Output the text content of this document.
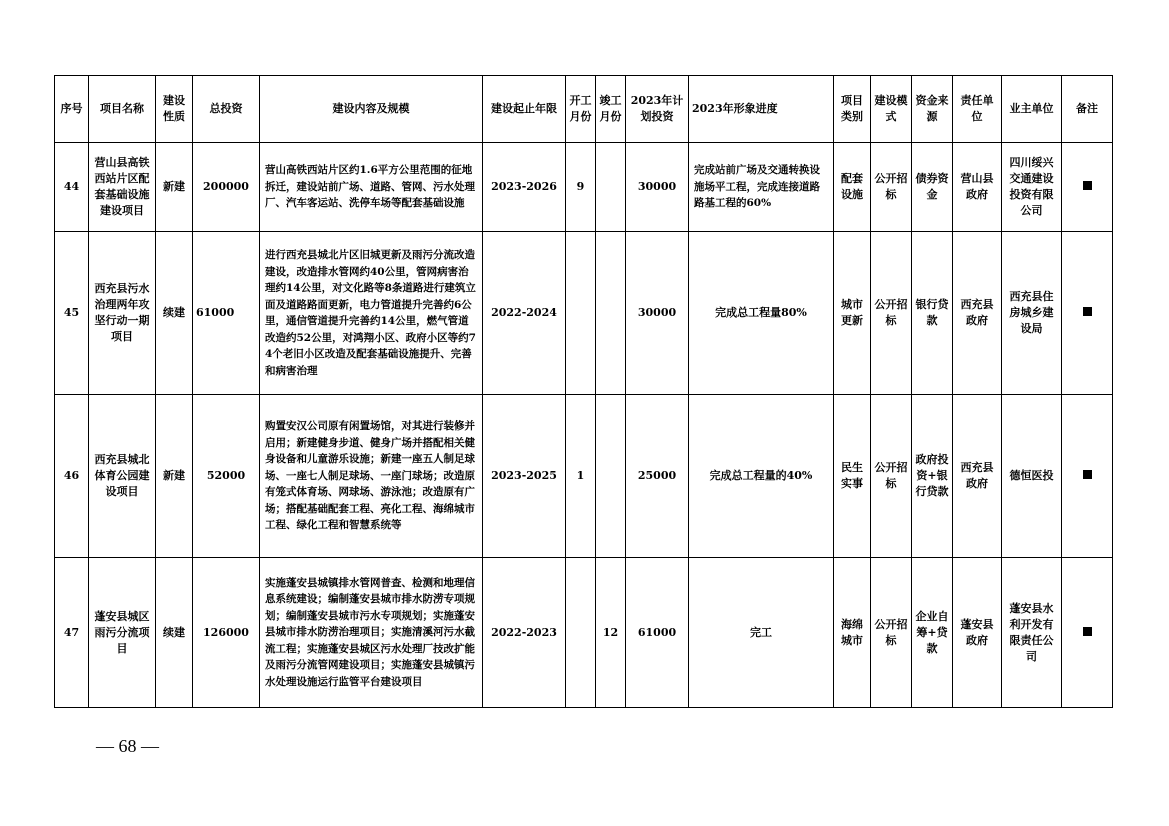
序号	项目名称	建设性质	总投资	建设内容及规模	建设起止年限	开工月份	竣工月份	2023年计划投资	2023年形象进度	项目类别	建设模式	资金来源	责任单位	业主单位	备注
44	营山县高铁西站片区配套基础设施建设项目	新建	200000	营山高铁西站片区约1.6平方公里范围的征地拆迁，建设站前广场、道路、管网、污水处理厂、汽车客运站、洗停车场等配套基础设施	2023-2026	9		30000	完成站前广场及交通转换设施场平工程，完成连接道路路基工程的60%	配套设施	公开招标	债券资金	营山县政府	四川绥兴交通建设投资有限公司	
45	西充县污水治理两年攻坚行动一期项目	续建	61000	进行西充县城北片区旧城更新及雨污分流改造建设，改造排水管网约40公里，管网病害治理约14公里，对文化路等8条道路进行建筑立面及道路路面更新，电力管道提升完善约6公里，通信管道提升完善约14公里，燃气管道改造约52公里，对鸿翔小区、政府小区等约74个老旧小区改造及配套基础设施提升、完善和病害治理	2022-2024			30000	完成总工程量80%	城市更新	公开招标	银行贷款	西充县政府	西充县住房城乡建设局	
46	西充县城北体育公园建设项目	新建	52000	购置安汉公司原有闲置场馆，对其进行装修并启用；新建健身步道、健身广场并搭配相关健身设备和儿童游乐设施；新建一座五人制足球场、一座七人制足球场、一座门球场；改造原有笼式体育场、网球场、游泳池；改造原有广场；搭配基础配套工程、亮化工程、海绵城市工程、绿化工程和智慧系统等	2023-2025	1		25000	完成总工程量的40%	民生实事	公开招标	政府投资+银行贷款	西充县政府	德恒医投	
47	蓬安县城区雨污分流项目	续建	126000	实施蓬安县城镇排水管网普查、检测和地理信息系统建设；编制蓬安县城市排水防涝专项规划；编制蓬安县城市污水专项规划；实施蓬安县城市排水防涝治理项目；实施清溪河污水截流工程；实施蓬安县城区污水处理厂技改扩能及雨污分流管网建设项目；实施蓬安县城镇污水处理设施运行监管平台建设项目	2022-2023		12	61000	完工	海绵城市	公开招标	企业自筹+贷款	蓬安县政府	蓬安县水利开发有限责任公司	
— 68 —
